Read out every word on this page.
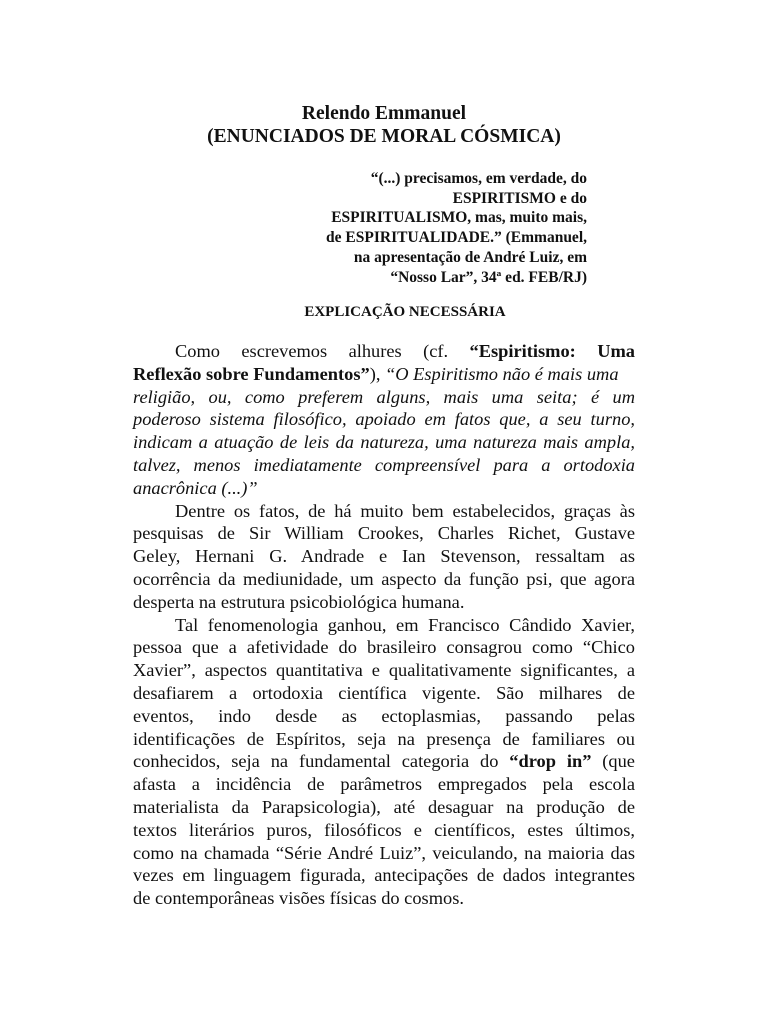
Relendo Emmanuel
(ENUNCIADOS DE MORAL CÓSMICA)
“(...) precisamos, em verdade, do
ESPIRITISMO e do
ESPIRITUALISMO, mas, muito mais,
de ESPIRITUALIDADE.” (Emmanuel,
na apresentação de André Luiz, em
“Nosso Lar”, 34ª ed. FEB/RJ)
EXPLICAÇÃO NECESSÁRIA
Como escrevemos alhures (cf. “Espiritismo: Uma
Reflexão sobre Fundamentos”), “O Espiritismo não é mais uma
religião, ou, como preferem alguns, mais uma seita; é um
poderoso sistema filosófico, apoiado em fatos que, a seu turno,
indicam a atuação de leis da natureza, uma natureza mais ampla,
talvez, menos imediatamente compreensível para a ortodoxia
anacrônica (...)”
Dentre os fatos, de há muito bem estabelecidos, graças às
pesquisas de Sir William Crookes, Charles Richet, Gustave
Geley, Hernani G. Andrade e Ian Stevenson, ressaltam as
ocorrência da mediunidade, um aspecto da função psi, que agora
desperta na estrutura psicobiológica humana.
Tal fenomenologia ganhou, em Francisco Cândido Xavier,
pessoa que a afetividade do brasileiro consagrou como “Chico
Xavier”, aspectos quantitativa e qualitativamente significantes, a
desafiarem a ortodoxia científica vigente. São milhares de
eventos, indo desde as ectoplasmias, passando pelas
identificações de Espíritos, seja na presença de familiares ou
conhecidos, seja na fundamental categoria do “drop in” (que
afasta a incidência de parâmetros empregados pela escola
materialista da Parapsicologia), até desaguar na produção de
textos literários puros, filosóficos e científicos, estes últimos,
como na chamada “Série André Luiz”, veiculando, na maioria das
vezes em linguagem figurada, antecipações de dados integrantes
de contemporâneas visões físicas do cosmos.
